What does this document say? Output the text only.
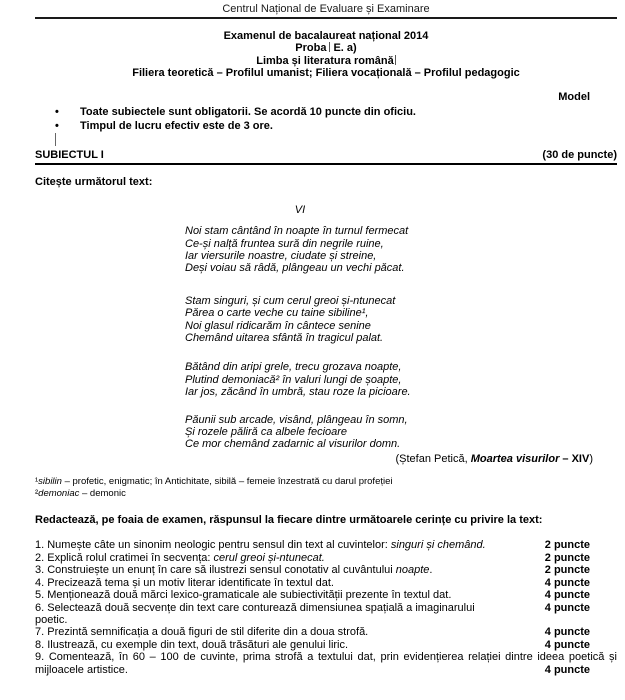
Centrul Național de Evaluare și Examinare
Examenul de bacalaureat național 2014
Proba E. a)
Limba și literatura română
Filiera teoretică – Profilul umanist; Filiera vocațională – Profilul pedagogic
Model
•
Toate subiectele sunt obligatorii. Se acordă 10 puncte din oficiu.
•
Timpul de lucru efectiv este de 3 ore.
SUBIECTUL I	(30 de puncte)
Citește următorul text:
VI
Noi stam cântând în noapte în turnul fermecat
Ce-și nalță fruntea sură din negrile ruine,
Iar viersurile noastre, ciudate și streine,
Deși voiau să râdă, plângeau un vechi păcat.
Stam singuri, și cum cerul greoi și-ntunecat
Părea o carte veche cu taine sibiline¹,
Noi glasul ridicarăm în cântece senine
Chemând uitarea sfântă în tragicul palat.
Bătând din aripi grele, trecu grozava noapte,
Plutind demoniacă² în valuri lungi de șoapte,
Iar jos, zăcând în umbră, stau roze la picioare.
Păunii sub arcade, visând, plângeau în somn,
Și rozele păliră ca albele fecioare
Ce mor chemând zadarnic al visurilor domn.
(Ștefan Petică, Moartea visurilor – XIV)
¹sibilin – profetic, enigmatic; în Antichitate, sibilă – femeie înzestrată cu darul profeției
²demoniac – demonic
Redactează, pe foaia de examen, răspunsul la fiecare dintre următoarele cerințe cu privire la text:
1. Numește câte un sinonim neologic pentru sensul din text al cuvintelor: singuri și chemând.	2 puncte
2. Explică rolul cratimei în secvența: cerul greoi și-ntunecat.	2 puncte
3. Construiește un enunț în care să ilustrezi sensul conotativ al cuvântului noapte.	2 puncte
4. Precizează tema și un motiv literar identificate în textul dat.	4 puncte
5. Menționează două mărci lexico-gramaticale ale subiectivității prezente în textul dat.	4 puncte
6. Selectează două secvențe din text care conturează dimensiunea spațială a imaginarului poetic.
4 puncte
7. Prezintă semnificația a două figuri de stil diferite din a doua strofă.	4 puncte
8. Ilustrează, cu exemple din text, două trăsături ale genului liric.	4 puncte
9. Comentează, în 60 – 100 de cuvinte, prima strofă a textului dat, prin evidențierea relației dintre ideea poetică și mijloacele artistice.	4 puncte
